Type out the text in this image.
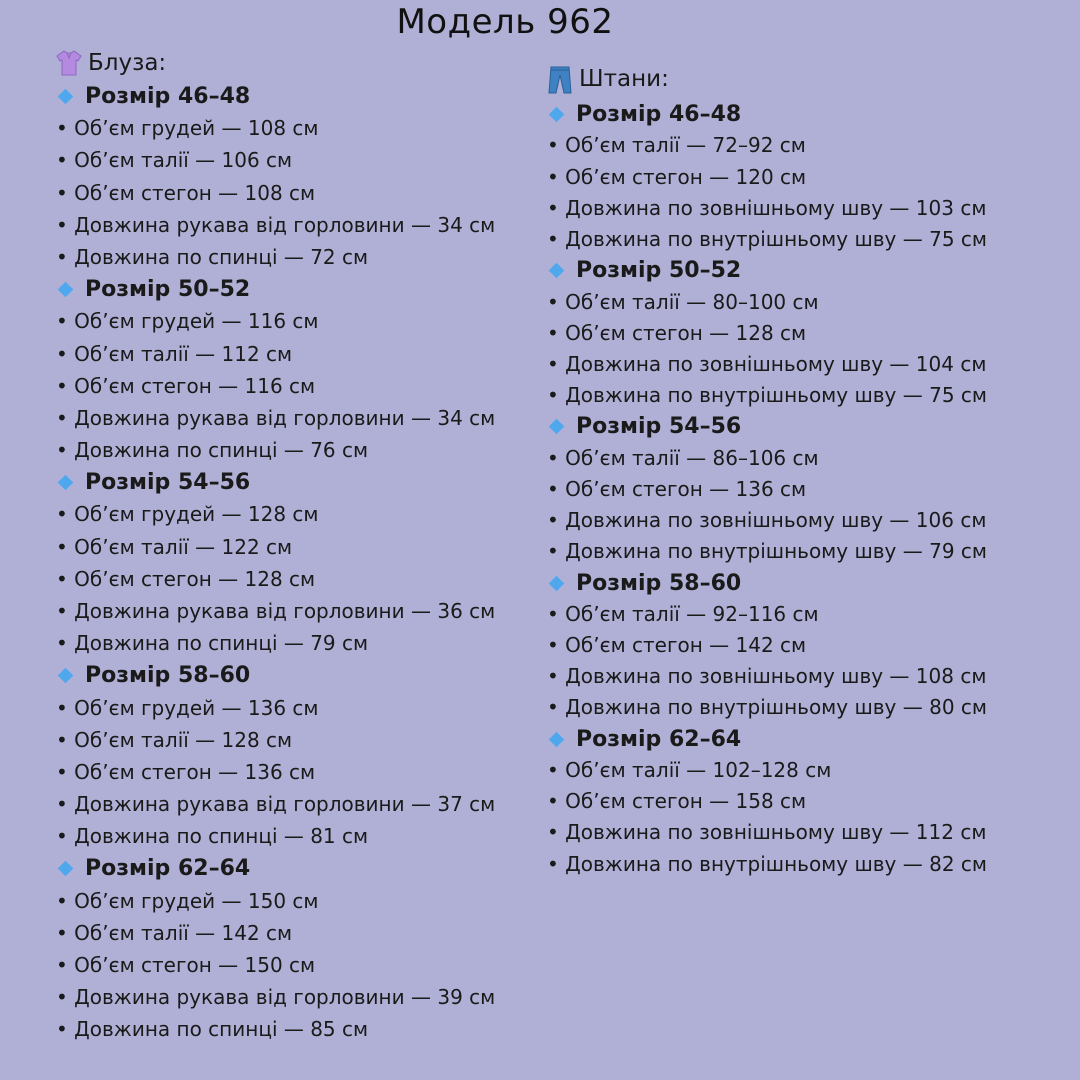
Модель 962
Блуза:
Розмір 46–48
• Об’єм грудей — 108 см
• Об’єм талії — 106 см
• Об’єм стегон — 108 см
• Довжина рукава від горловини — 34 см
• Довжина по спинці — 72 см
Розмір 50–52
• Об’єм грудей — 116 см
• Об’єм талії — 112 см
• Об’єм стегон — 116 см
• Довжина рукава від горловини — 34 см
• Довжина по спинці — 76 см
Розмір 54–56
• Об’єм грудей — 128 см
• Об’єм талії — 122 см
• Об’єм стегон — 128 см
• Довжина рукава від горловини — 36 см
• Довжина по спинці — 79 см
Розмір 58–60
• Об’єм грудей — 136 см
• Об’єм талії — 128 см
• Об’єм стегон — 136 см
• Довжина рукава від горловини — 37 см
• Довжина по спинці — 81 см
Розмір 62–64
• Об’єм грудей — 150 см
• Об’єм талії — 142 см
• Об’єм стегон — 150 см
• Довжина рукава від горловини — 39 см
• Довжина по спинці — 85 см
Штани:
Розмір 46–48
• Об’єм талії — 72–92 см
• Об’єм стегон — 120 см
• Довжина по зовнішньому шву — 103 см
• Довжина по внутрішньому шву — 75 см
Розмір 50–52
• Об’єм талії — 80–100 см
• Об’єм стегон — 128 см
• Довжина по зовнішньому шву — 104 см
• Довжина по внутрішньому шву — 75 см
Розмір 54–56
• Об’єм талії — 86–106 см
• Об’єм стегон — 136 см
• Довжина по зовнішньому шву — 106 см
• Довжина по внутрішньому шву — 79 см
Розмір 58–60
• Об’єм талії — 92–116 см
• Об’єм стегон — 142 см
• Довжина по зовнішньому шву — 108 см
• Довжина по внутрішньому шву — 80 см
Розмір 62–64
• Об’єм талії — 102–128 см
• Об’єм стегон — 158 см
• Довжина по зовнішньому шву — 112 см
• Довжина по внутрішньому шву — 82 см
